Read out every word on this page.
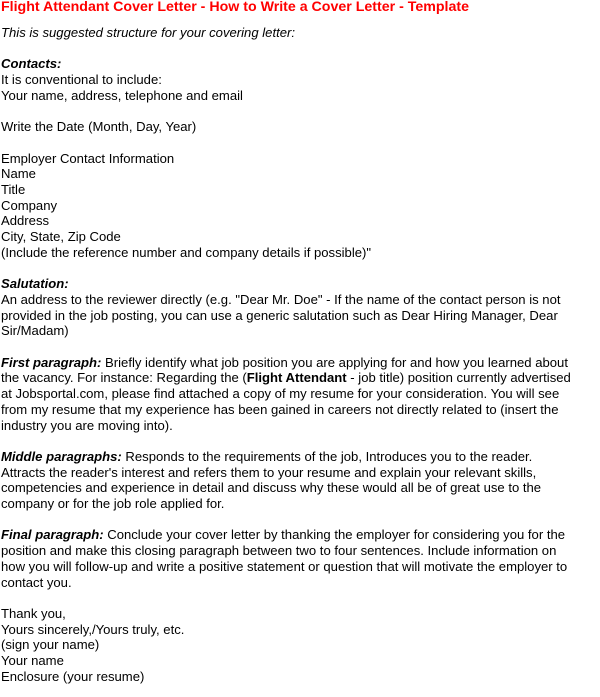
Flight Attendant Cover Letter - How to Write a Cover Letter - Template

This is suggested structure for your covering letter:

Contacts:

It is conventional to include:

Your name, address, telephone and email

Write the Date (Month, Day, Year)

Employer Contact Information

Name

Title

Company

Address

City, State, Zip Code

(Include the reference number and company details if possible)"

Salutation:

An address to the reviewer directly (e.g. "Dear Mr. Doe" - If the name of the contact person is not

provided in the job posting, you can use a generic salutation such as Dear Hiring Manager, Dear

Sir/Madam)

First paragraph: Briefly identify what job position you are applying for and how you learned about

the vacancy. For instance: Regarding the (Flight Attendant - job title) position currently advertised

at Jobsportal.com, please find attached a copy of my resume for your consideration. You will see

from my resume that my experience has been gained in careers not directly related to (insert the

industry you are moving into).

Middle paragraphs: Responds to the requirements of the job, Introduces you to the reader.

Attracts the reader's interest and refers them to your resume and explain your relevant skills,

competencies and experience in detail and discuss why these would all be of great use to the

company or for the job role applied for.

Final paragraph: Conclude your cover letter by thanking the employer for considering you for the

position and make this closing paragraph between two to four sentences. Include information on

how you will follow-up and write a positive statement or question that will motivate the employer to

contact you.

Thank you,

Yours sincerely,/Yours truly, etc.

(sign your name)

Your name

Enclosure (your resume)
